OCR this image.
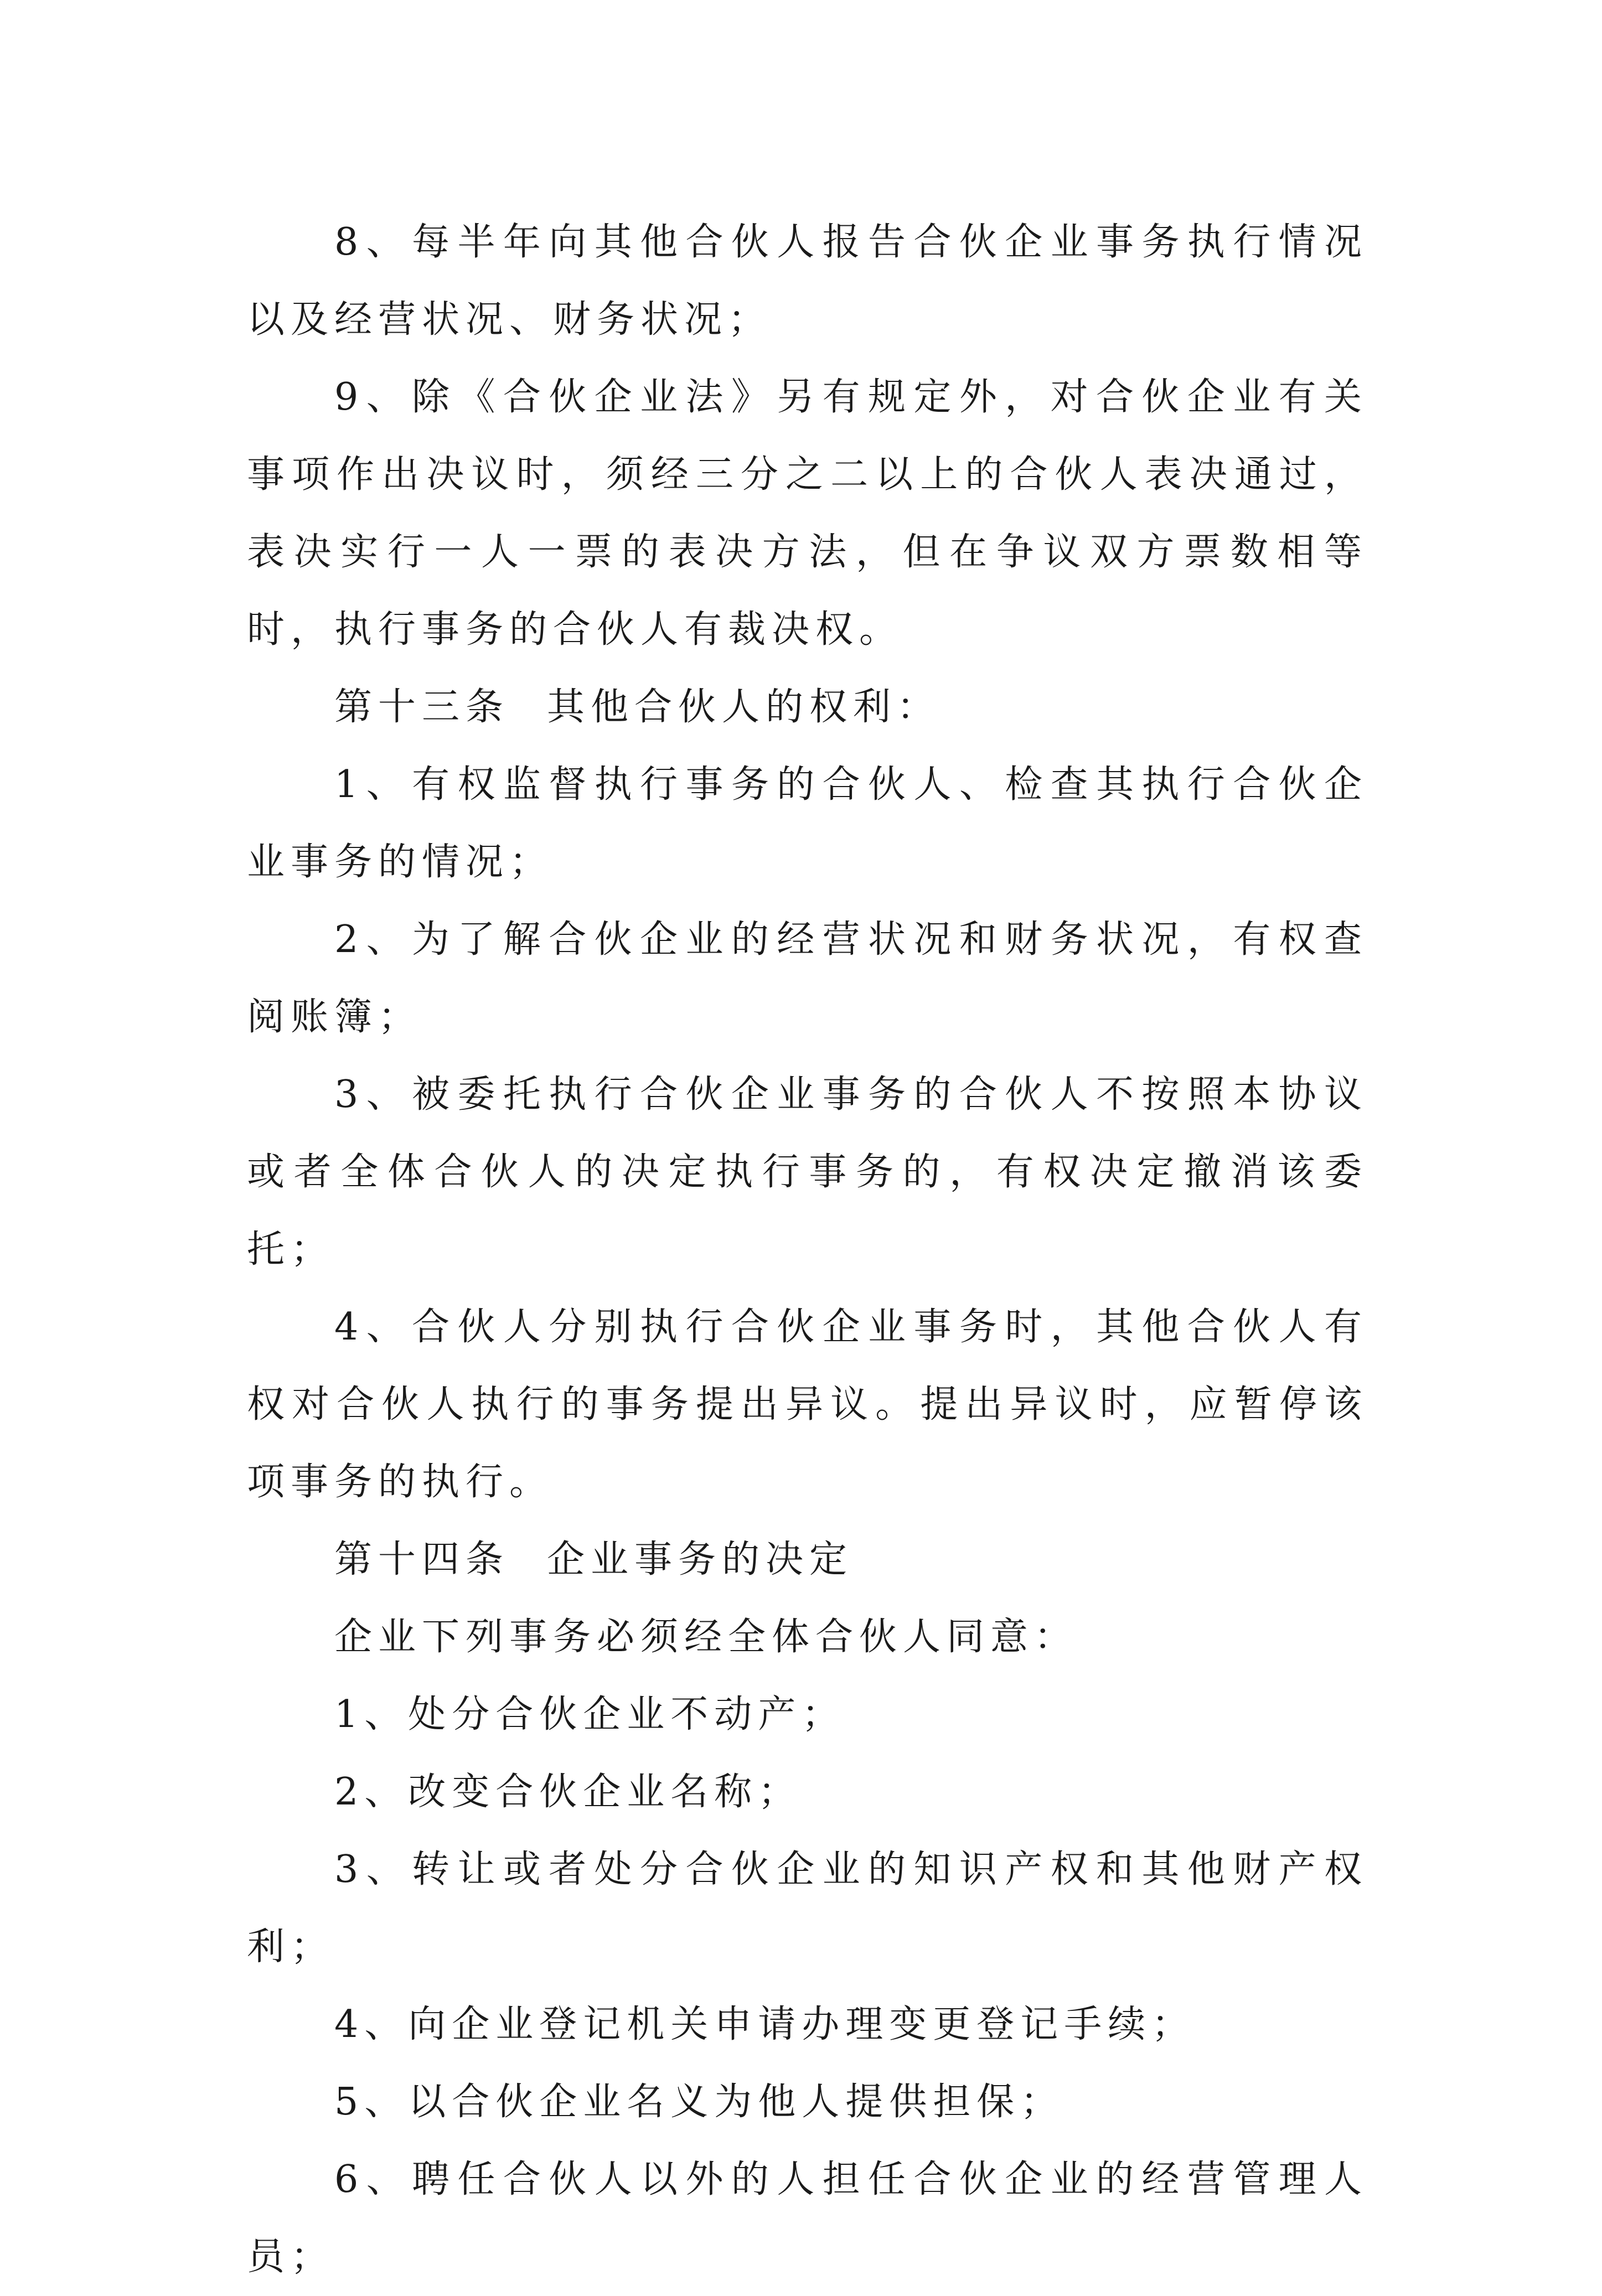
8、每半年向其他合伙人报告合伙企业事务执行情况以及经营状况、财务状况；

9、除《合伙企业法》另有规定外，对合伙企业有关事项作出决议时，须经三分之二以上的合伙人表决通过，表决实行一人一票的表决方法，但在争议双方票数相等时，执行事务的合伙人有裁决权。

第十三条 其他合伙人的权利：

1、有权监督执行事务的合伙人、检查其执行合伙企业事务的情况；

2、为了解合伙企业的经营状况和财务状况，有权查阅账簿；

3、被委托执行合伙企业事务的合伙人不按照本协议或者全体合伙人的决定执行事务的，有权决定撤消该委托；

4、合伙人分别执行合伙企业事务时，其他合伙人有权对合伙人执行的事务提出异议。提出异议时，应暂停该项事务的执行。

第十四条 企业事务的决定

企业下列事务必须经全体合伙人同意：

1、处分合伙企业不动产；

2、改变合伙企业名称；

3、转让或者处分合伙企业的知识产权和其他财产权利；

4、向企业登记机关申请办理变更登记手续；

5、以合伙企业名义为他人提供担保；

6、聘任合伙人以外的人担任合伙企业的经营管理人员；
